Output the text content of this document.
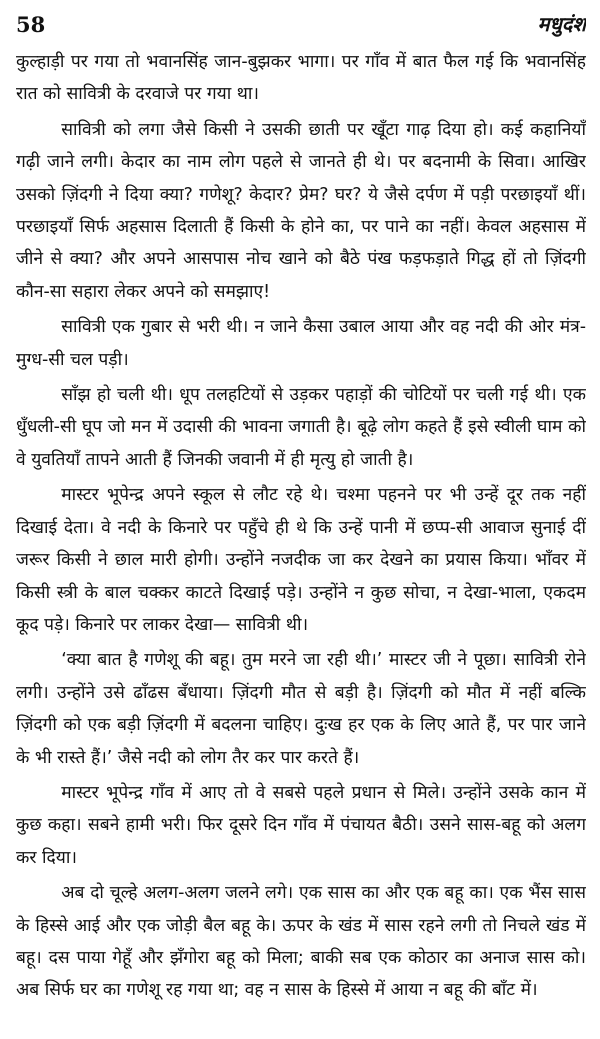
58	मधुदंश

कुल्हाड़ी पर गया तो भवानसिंह जान-बुझकर भागा। पर गाँव में बात फैल गई कि भवानसिंह रात को सावित्री के दरवाजे पर गया था।

सावित्री को लगा जैसे किसी ने उसकी छाती पर खूँटा गाढ़ दिया हो। कई कहानियाँ गढ़ी जाने लगी। केदार का नाम लोग पहले से जानते ही थे। पर बदनामी के सिवा। आखिर उसको ज़िंदगी ने दिया क्या? गणेशू? केदार? प्रेम? घर? ये जैसे दर्पण में पड़ी परछाइयाँ थीं। परछाइयाँ सिर्फ अहसास दिलाती हैं किसी के होने का, पर पाने का नहीं। केवल अहसास में जीने से क्या? और अपने आसपास नोच खाने को बैठे पंख फड़फड़ाते गिद्ध हों तो ज़िंदगी कौन-सा सहारा लेकर अपने को समझाए!

सावित्री एक गुबार से भरी थी। न जाने कैसा उबाल आया और वह नदी की ओर मंत्र-मुग्ध-सी चल पड़ी।

साँझ हो चली थी। धूप तलहटियों से उड़कर पहाड़ों की चोटियों पर चली गई थी। एक धुँधली-सी घूप जो मन में उदासी की भावना जगाती है। बूढ़े लोग कहते हैं इसे स्वीली घाम को वे युवतियाँ तापने आती हैं जिनकी जवानी में ही मृत्यु हो जाती है।

मास्टर भूपेन्द्र अपने स्कूल से लौट रहे थे। चश्मा पहनने पर भी उन्हें दूर तक नहीं दिखाई देता। वे नदी के किनारे पर पहुँचे ही थे कि उन्हें पानी में छप्प-सी आवाज सुनाई दीं जरूर किसी ने छाल मारी होगी। उन्होंने नजदीक जा कर देखने का प्रयास किया। भाँवर में किसी स्त्री के बाल चक्कर काटते दिखाई पड़े। उन्होंने न कुछ सोचा, न देखा-भाला, एकदम कूद पड़े। किनारे पर लाकर देखा— सावित्री थी।

‘क्या बात है गणेशू की बहू। तुम मरने जा रही थी।’ मास्टर जी ने पूछा। सावित्री रोने लगी। उन्होंने उसे ढाँढस बँधाया। ज़िंदगी मौत से बड़ी है। ज़िंदगी को मौत में नहीं बल्कि ज़िंदगी को एक बड़ी ज़िंदगी में बदलना चाहिए। दुःख हर एक के लिए आते हैं, पर पार जाने के भी रास्ते हैं।’ जैसे नदी को लोग तैर कर पार करते हैं।

मास्टर भूपेन्द्र गाँव में आए तो वे सबसे पहले प्रधान से मिले। उन्होंने उसके कान में कुछ कहा। सबने हामी भरी। फिर दूसरे दिन गाँव में पंचायत बैठी। उसने सास-बहू को अलग कर दिया।

अब दो चूल्हे अलग-अलग जलने लगे। एक सास का और एक बहू का। एक भैंस सास के हिस्से आई और एक जोड़ी बैल बहू के। ऊपर के खंड में सास रहने लगी तो निचले खंड में बहू। दस पाया गेहूँ और झँगोरा बहू को मिला; बाकी सब एक कोठार का अनाज सास को। अब सिर्फ घर का गणेशू रह गया था; वह न सास के हिस्से में आया न बहू की बाँट में।
